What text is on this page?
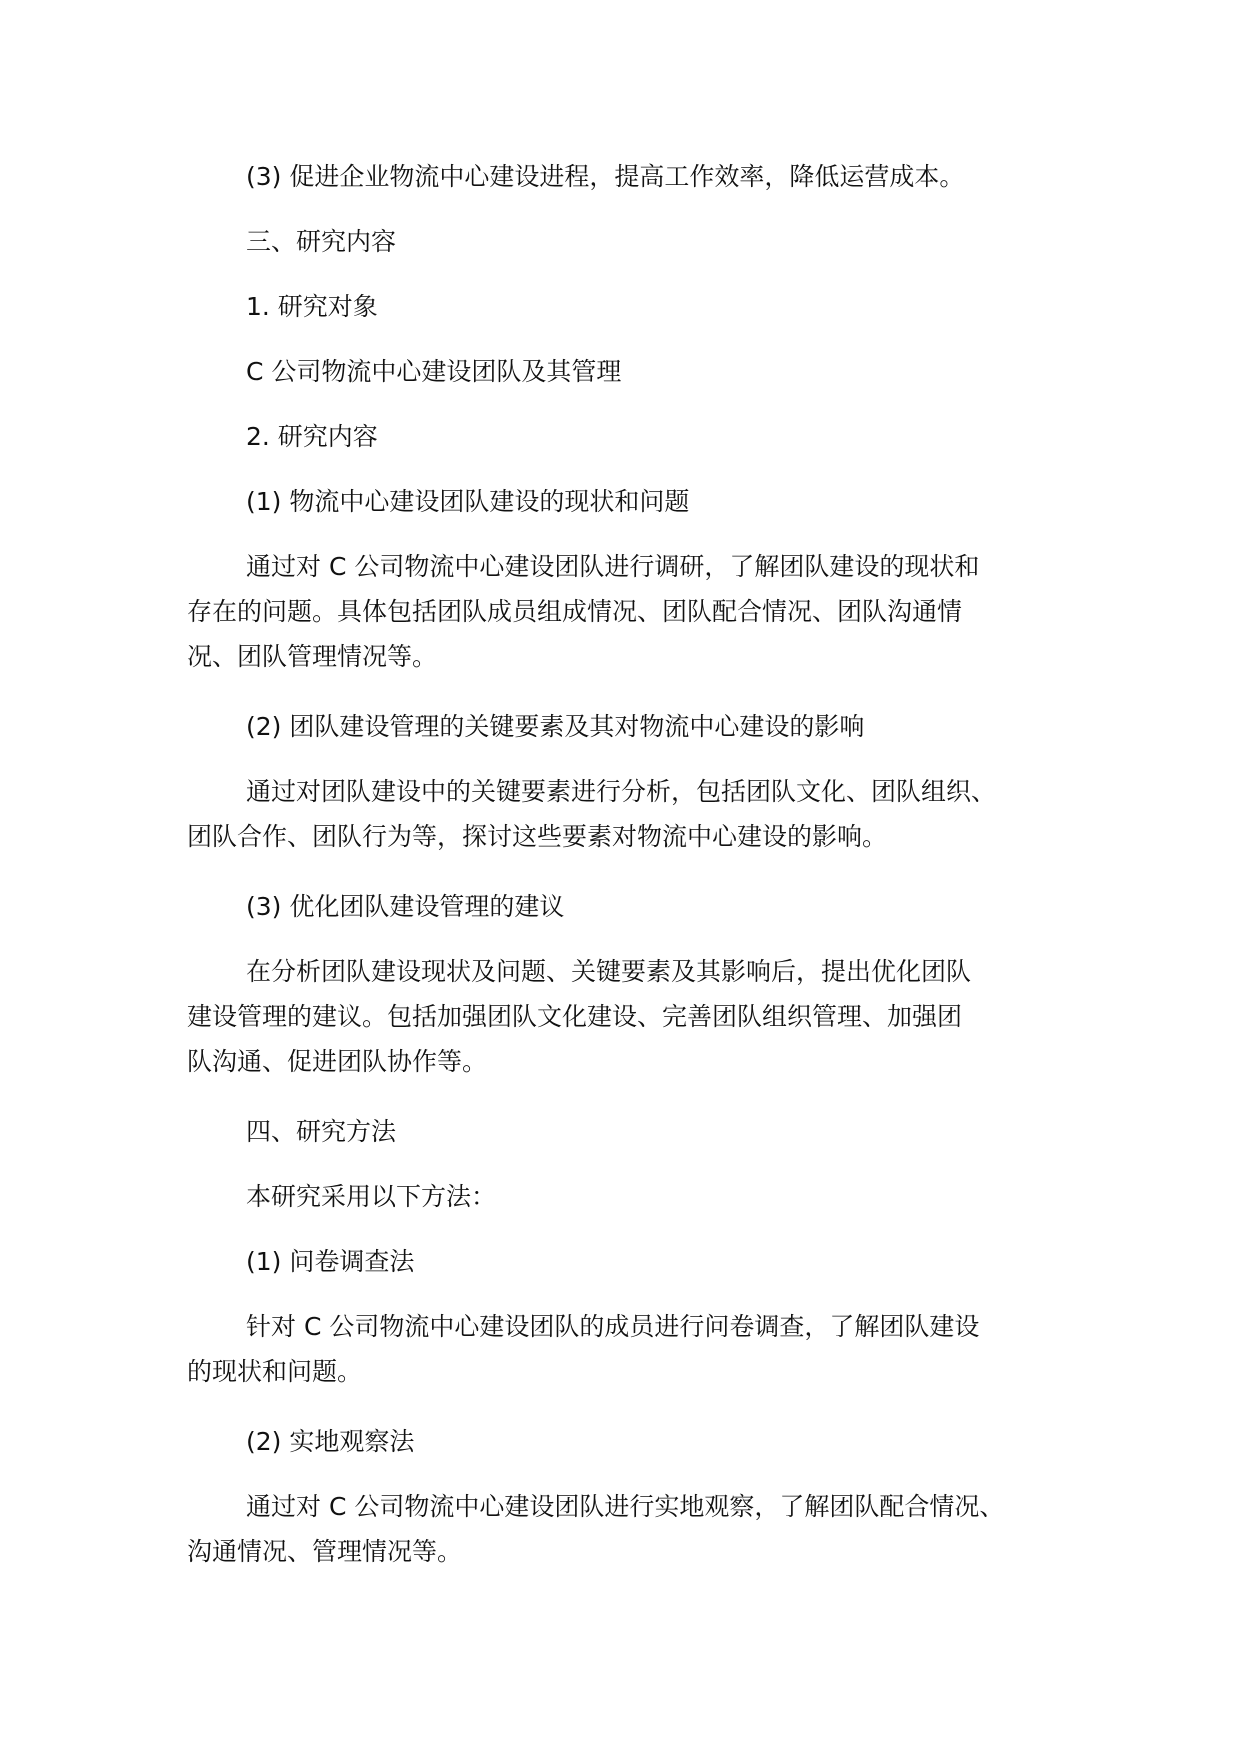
(3) 促进企业物流中心建设进程，提高工作效率，降低运营成本。
三、研究内容
1. 研究对象
C 公司物流中心建设团队及其管理
2. 研究内容
(1) 物流中心建设团队建设的现状和问题
通过对 C 公司物流中心建设团队进行调研，了解团队建设的现状和
存在的问题。具体包括团队成员组成情况、团队配合情况、团队沟通情
况、团队管理情况等。
(2) 团队建设管理的关键要素及其对物流中心建设的影响
通过对团队建设中的关键要素进行分析，包括团队文化、团队组织、
团队合作、团队行为等，探讨这些要素对物流中心建设的影响。
(3) 优化团队建设管理的建议
在分析团队建设现状及问题、关键要素及其影响后，提出优化团队
建设管理的建议。包括加强团队文化建设、完善团队组织管理、加强团
队沟通、促进团队协作等。
四、研究方法
本研究采用以下方法：
(1) 问卷调查法
针对 C 公司物流中心建设团队的成员进行问卷调查，了解团队建设
的现状和问题。
(2) 实地观察法
通过对 C 公司物流中心建设团队进行实地观察，了解团队配合情况、
沟通情况、管理情况等。
